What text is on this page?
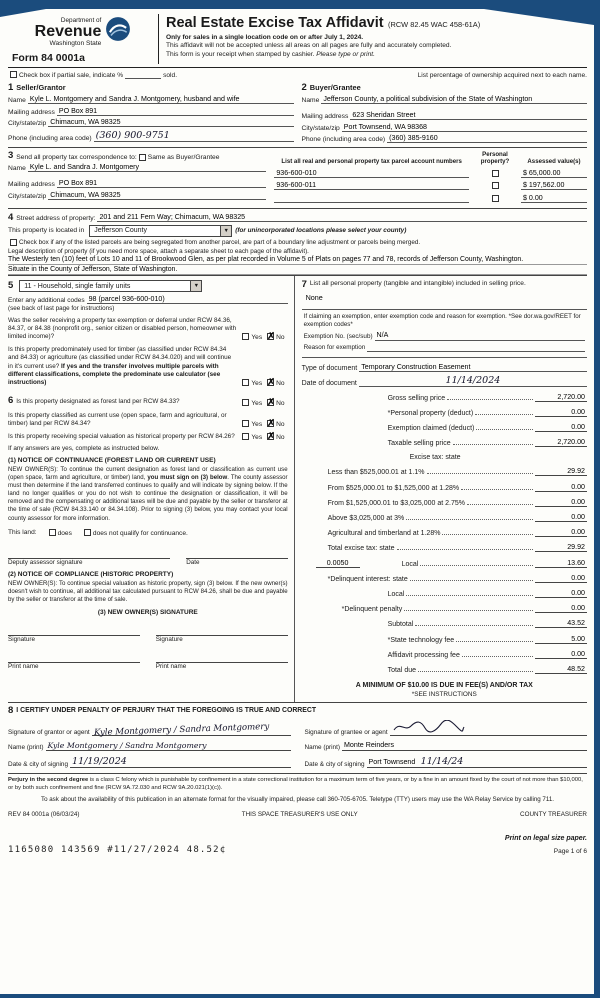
Department of
Revenue
Washington State
Form 84 0001a
Real Estate Excise Tax Affidavit (RCW 82.45 WAC 458-61A)
Only for sales in a single location code on or after July 1, 2024.
This affidavit will not be accepted unless all areas on all pages are fully and accurately completed.
This form is your receipt when stamped by cashier. Please type or print.
Check box if partial sale, indicate %	sold.	List percentage of ownership acquired next to each name.
1 Seller/Grantor
Name Kyle L. Montgomery and Sandra J. Montgomery, husband and wife
Mailing address PO Box 891
City/state/zip Chimacum, WA 98325
Phone (including area code) (360) 900-9751
2 Buyer/Grantee
Name Jefferson County, a political subdivision of the State of Washington
Mailing address 623 Sheridan Street
City/state/zip Port Townsend, WA 98368
Phone (including area code) (360) 385-9160
3 Send all property tax correspondence to: Same as Buyer/Grantee
Name Kyle L. and Sandra J. Montgomery
Mailing address PO Box 891
City/state/zip Chimacum, WA 98325
List all real and personal property tax parcel account numbers
Personal property?	Assessed value(s)
936-600-010	$ 65,000.00
936-600-011	$ 197,562.00
$ 0.00
4 Street address of property: 201 and 211 Fern Way; Chimacum, WA 98325
This property is located in	Jefferson County	▼ (for unincorporated locations please select your county)
Check box if any of the listed parcels are being segregated from another parcel, are part of a boundary line adjustment or parcels being merged.
Legal description of property (if you need more space, attach a separate sheet to each page of the affidavit).
The Westerly ten (10) feet of Lots 10 and 11 of Brookwood Glen, as per plat recorded in Volume 5 of Plats on pages 77 and 78, records of Jefferson County, Washington.
Situate in the County of Jefferson, State of Washington.
5	11 - Household, single family units	▼
Enter any additional codes 98 (parcel 936-600-010)
(see back of last page for instructions)
Was the seller receiving a property tax exemption or deferral under RCW 84.36, 84.37, or 84.38 (nonprofit org., senior citizen or disabled person, homeowner with limited income)?	Yes ✗ No
Is this property predominately used for timber (as classified under RCW 84.34 and 84.33) or agriculture (as classified under RCW 84.34.020) and will continue in it's current use? If yes and the transfer involves multiple parcels with different classifications, complete the predominate use calculator (see instructions)	Yes ✗ No
6 Is this property designated as forest land per RCW 84.33?	Yes ✗ No
Is this property classified as current use (open space, farm and agricultural, or timber) land per RCW 84.34?	Yes ✗ No
Is this property receiving special valuation as historical property per RCW 84.26?	Yes ✗ No
If any answers are yes, complete as instructed below.
(1) NOTICE OF CONTINUANCE (FOREST LAND OR CURRENT USE)
NEW OWNER(S): To continue the current designation as forest land or classification as current use (open space, farm and agriculture, or timber) land, you must sign on (3) below. The county assessor must then determine if the land transferred continues to qualify and will indicate by signing below. If the land no longer qualifies or you do not wish to continue the designation or classification, it will be removed and the compensating or additional taxes will be due and payable by the seller or transferor at the time of sale (RCW 84.33.140 or 84.34.108). Prior to signing (3) below, you may contact your local county assessor for more information.
This land:	does	does not qualify for continuance.
Deputy assessor signature	Date
(2) NOTICE OF COMPLIANCE (HISTORIC PROPERTY)
NEW OWNER(S): To continue special valuation as historic property, sign (3) below. If the new owner(s) doesn't wish to continue, all additional tax calculated pursuant to RCW 84.26, shall be due and payable by the seller or transferor at the time of sale.
(3) NEW OWNER(S) SIGNATURE
Signature	Signature
Print name	Print name
7 List all personal property (tangible and intangible) included in selling price.
None
If claiming an exemption, enter exemption code and reason for exemption. *See dor.wa.gov/REET for exemption codes*
Exemption No. (sec/sub) N/A
Reason for exemption
Type of document Temporary Construction Easement
Date of document	11/14/2024
Gross selling price	2,720.00
*Personal property (deduct)	0.00
Exemption claimed (deduct)	0.00
Taxable selling price	2,720.00
Excise tax: state
Less than $525,000.01 at 1.1%	29.92
From $525,000.01 to $1,525,000 at 1.28%	0.00
From $1,525,000.01 to $3,025,000 at 2.75%	0.00
Above $3,025,000 at 3%	0.00
Agricultural and timberland at 1.28%	0.00
Total excise tax: state	29.92
0.0050	Local	13.60
*Delinquent interest: state	0.00
Local	0.00
*Delinquent penalty	0.00
Subtotal	43.52
*State technology fee	5.00
Affidavit processing fee	0.00
Total due	48.52
A MINIMUM OF $10.00 IS DUE IN FEE(S) AND/OR TAX
*SEE INSTRUCTIONS
8 I CERTIFY UNDER PENALTY OF PERJURY THAT THE FOREGOING IS TRUE AND CORRECT
Signature of grantor or agent Kyle Montgomery / Sandra Montgomery	Signature of grantee or agent
Name (print) Kyle Montgomery / Sandra Montgomery	Name (print) Monte Reinders
Date & city of signing 11/19/2024	Date & city of signing Port Townsend 11/14/24
Perjury in the second degree is a class C felony which is punishable by confinement in a state correctional institution for a maximum term of five years, or by a fine in an amount fixed by the court of not more than $10,000, or by both such confinement and fine (RCW 9A.72.030 and RCW 9A.20.021(1)(c)).
To ask about the availability of this publication in an alternate format for the visually impaired, please call 360-705-6705. Teletype (TTY) users may use the WA Relay Service by calling 711.
REV 84 0001a (06/03/24)	THIS SPACE TREASURER'S USE ONLY	COUNTY TREASURER
1165080 143569 #11/27/2024 48.52¢
Print on legal size paper.
Page 1 of 6
